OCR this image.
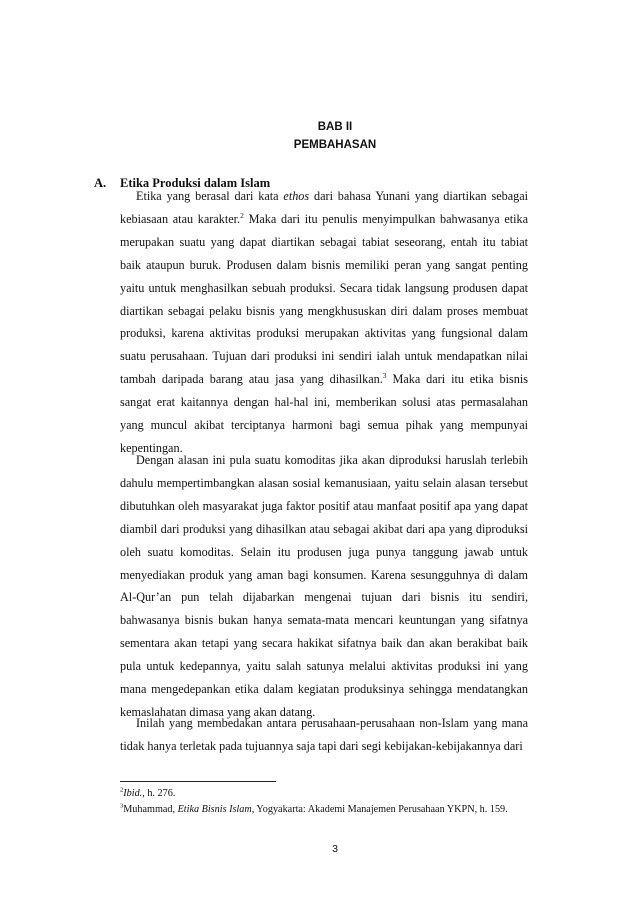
BAB II
PEMBAHASAN
A. Etika Produksi dalam Islam

Etika yang berasal dari kata ethos dari bahasa Yunani yang diartikan sebagai kebiasaan atau karakter.$^2$ Maka dari itu penulis menyimpulkan bahwasanya etika merupakan suatu yang dapat diartikan sebagai tabiat seseorang, entah itu tabiat baik ataupun buruk. Produsen dalam bisnis memiliki peran yang sangat penting yaitu untuk menghasilkan sebuah produksi. Secara tidak langsung produsen dapat diartikan sebagai pelaku bisnis yang mengkhususkan diri dalam proses membuat produksi, karena aktivitas produksi merupakan aktivitas yang fungsional dalam suatu perusahaan. Tujuan dari produksi ini sendiri ialah untuk mendapatkan nilai tambah daripada barang atau jasa yang dihasilkan.$^3$ Maka dari itu etika bisnis sangat erat kaitannya dengan hal-hal ini, memberikan solusi atas permasalahan yang muncul akibat terciptanya harmoni bagi semua pihak yang mempunyai kepentingan.

Dengan alasan ini pula suatu komoditas jika akan diproduksi haruslah terlebih dahulu mempertimbangkan alasan sosial kemanusiaan, yaitu selain alasan tersebut dibutuhkan oleh masyarakat juga faktor positif atau manfaat positif apa yang dapat diambil dari produksi yang dihasilkan atau sebagai akibat dari apa yang diproduksi oleh suatu komoditas. Selain itu produsen juga punya tanggung jawab untuk menyediakan produk yang aman bagi konsumen. Karena sesungguhnya di dalam Al-Qur’an pun telah dijabarkan mengenai tujuan dari bisnis itu sendiri, bahwasanya bisnis bukan hanya semata-mata mencari keuntungan yang sifatnya sementara akan tetapi yang secara hakikat sifatnya baik dan akan berakibat baik pula untuk kedepannya, yaitu salah satunya melalui aktivitas produksi ini yang mana mengedepankan etika dalam kegiatan produksinya sehingga mendatangkan kemaslahatan dimasa yang akan datang.

Inilah yang membedakan antara perusahaan-perusahaan non-Islam yang mana tidak hanya terletak pada tujuannya saja tapi dari segi kebijakan-kebijakannya dari

$^2$Ibid., h. 276.
$^3$Muhammad, Etika Bisnis Islam, Yogyakarta: Akademi Manajemen Perusahaan YKPN, h. 159.
3
